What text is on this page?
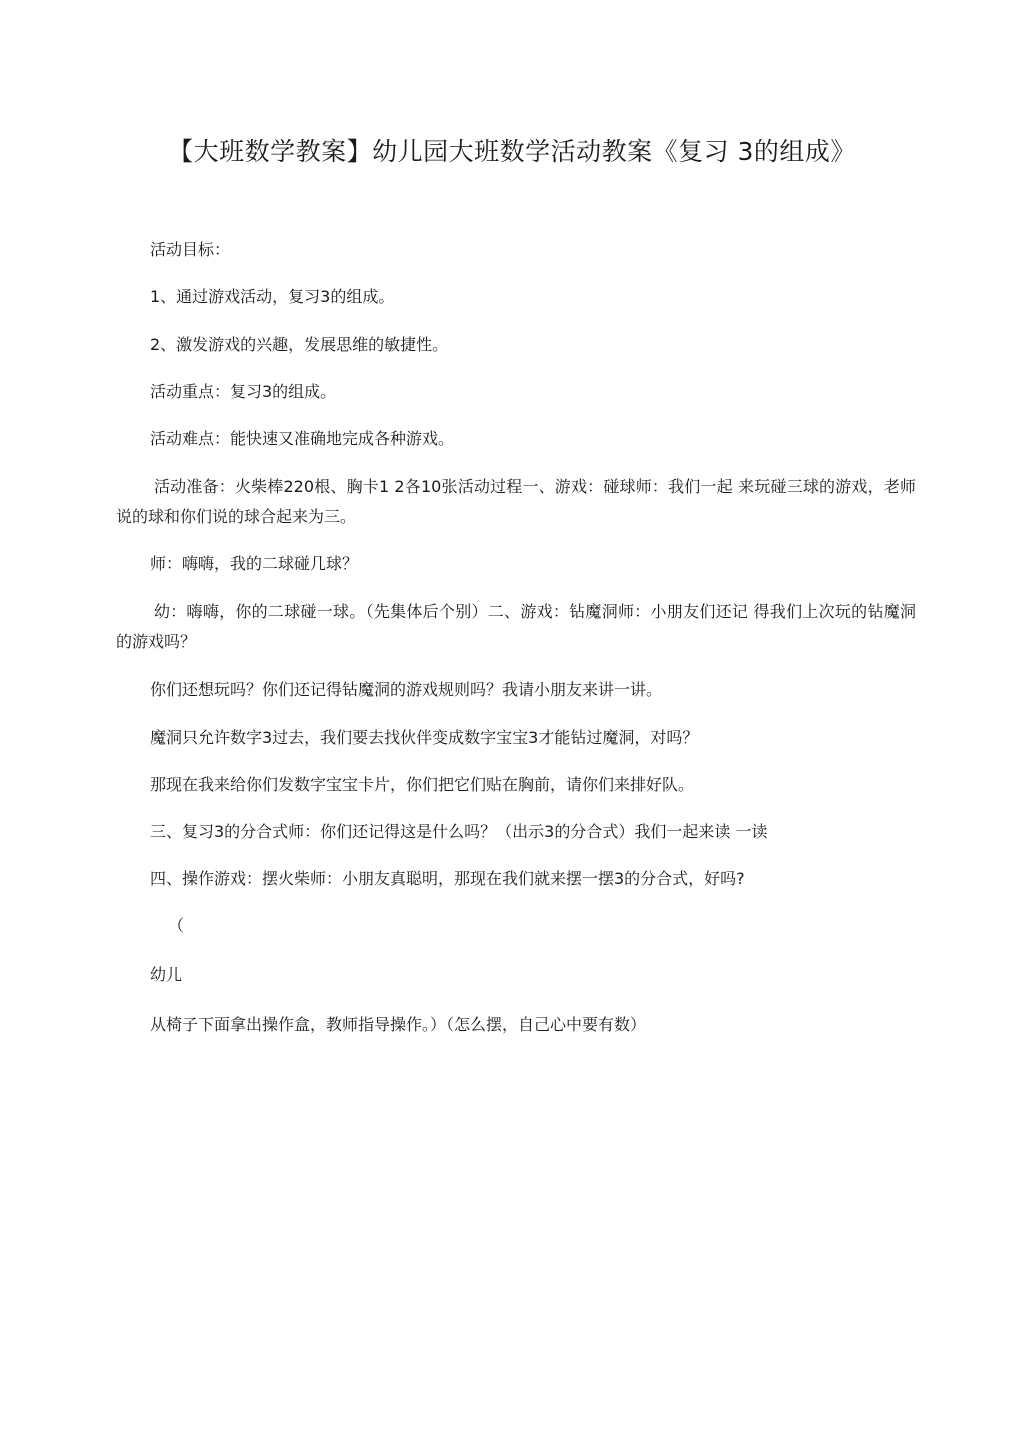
【大班数学教案】幼儿园大班数学活动教案《复习 3的组成》
活动目标：
1、通过游戏活动，复习3的组成。
2、激发游戏的兴趣，发展思维的敏捷性。
活动重点：复习3的组成。
活动难点：能快速又准确地完成各种游戏。
活动准备：火柴棒220根、胸卡1 2各10张活动过程一、游戏：碰球师：我们一起 来玩碰三球的游戏，老师说的球和你们说的球合起来为三。
师：嗨嗨，我的二球碰几球？
幼：嗨嗨，你的二球碰一球。（先集体后个别）二、游戏：钻魔洞师：小朋友们还记 得我们上次玩的钻魔洞的游戏吗？
你们还想玩吗？你们还记得钻魔洞的游戏规则吗？我请小朋友来讲一讲。
魔洞只允许数字3过去，我们要去找伙伴变成数字宝宝3才能钻过魔洞，对吗？
那现在我来给你们发数字宝宝卡片，你们把它们贴在胸前，请你们来排好队。
三、复习3的分合式师：你们还记得这是什么吗？（出示3的分合式）我们一起来读 一读
四、操作游戏：摆火柴师：小朋友真聪明，那现在我们就来摆一摆3的分合式，好吗?
（
幼儿
从椅子下面拿出操作盒，教师指导操作。）（怎么摆，自己心中要有数）
